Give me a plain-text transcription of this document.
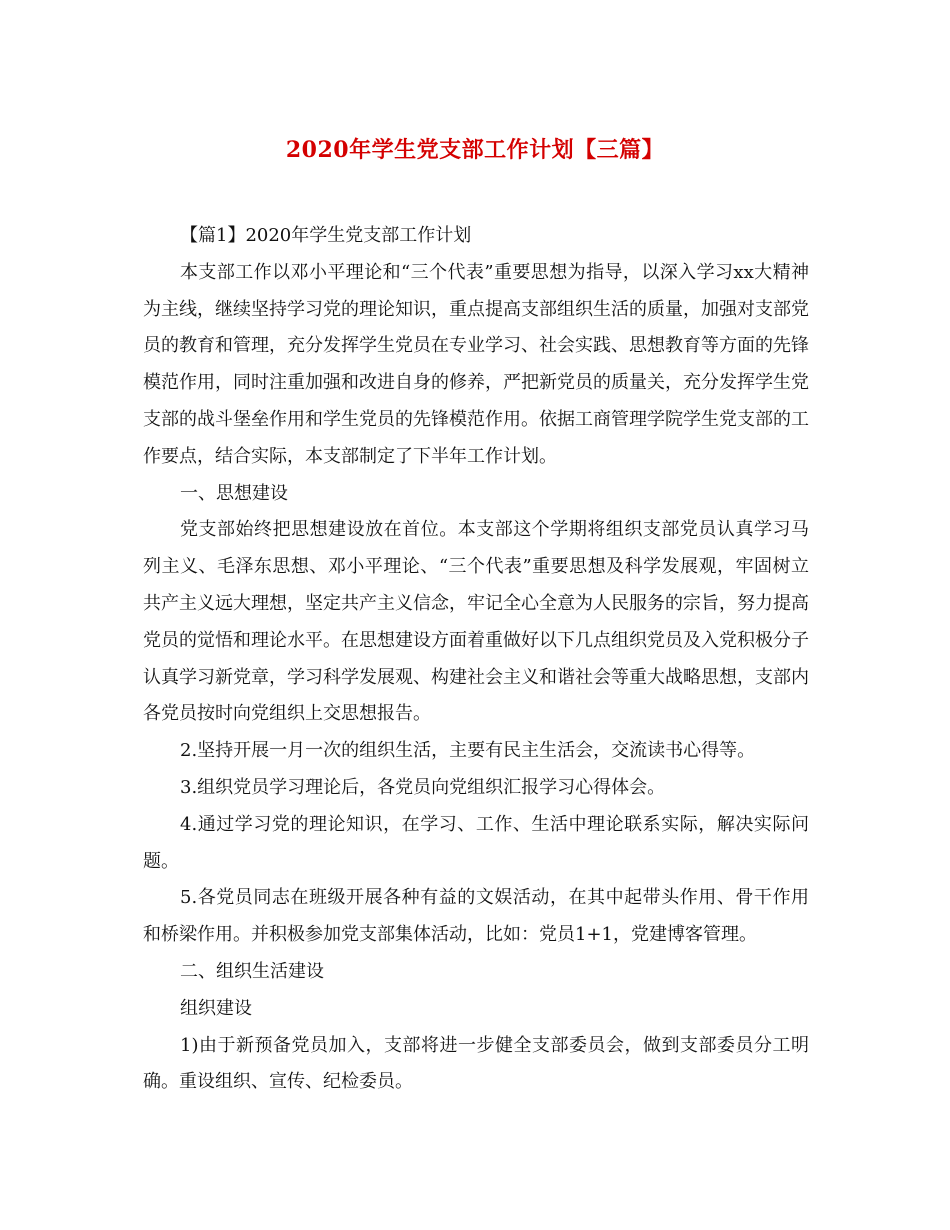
2020年学生党支部工作计划【三篇】

【篇1】2020年学生党支部工作计划

本支部工作以邓小平理论和“三个代表”重要思想为指导，以深入学习xx大精神为主线，继续坚持学习党的理论知识，重点提高支部组织生活的质量，加强对支部党员的教育和管理，充分发挥学生党员在专业学习、社会实践、思想教育等方面的先锋模范作用，同时注重加强和改进自身的修养，严把新党员的质量关，充分发挥学生党支部的战斗堡垒作用和学生党员的先锋模范作用。依据工商管理学院学生党支部的工作要点，结合实际，本支部制定了下半年工作计划。

一、思想建设

党支部始终把思想建设放在首位。本支部这个学期将组织支部党员认真学习马列主义、毛泽东思想、邓小平理论、“三个代表”重要思想及科学发展观，牢固树立共产主义远大理想，坚定共产主义信念，牢记全心全意为人民服务的宗旨，努力提高党员的觉悟和理论水平。在思想建设方面着重做好以下几点组织党员及入党积极分子认真学习新党章，学习科学发展观、构建社会主义和谐社会等重大战略思想，支部内各党员按时向党组织上交思想报告。

2.坚持开展一月一次的组织生活，主要有民主生活会，交流读书心得等。

3.组织党员学习理论后，各党员向党组织汇报学习心得体会。

4.通过学习党的理论知识，在学习、工作、生活中理论联系实际，解决实际问题。

5.各党员同志在班级开展各种有益的文娱活动，在其中起带头作用、骨干作用和桥梁作用。并积极参加党支部集体活动，比如：党员1+1，党建博客管理。

二、组织生活建设

组织建设

1)由于新预备党员加入，支部将进一步健全支部委员会，做到支部委员分工明确。重设组织、宣传、纪检委员。
